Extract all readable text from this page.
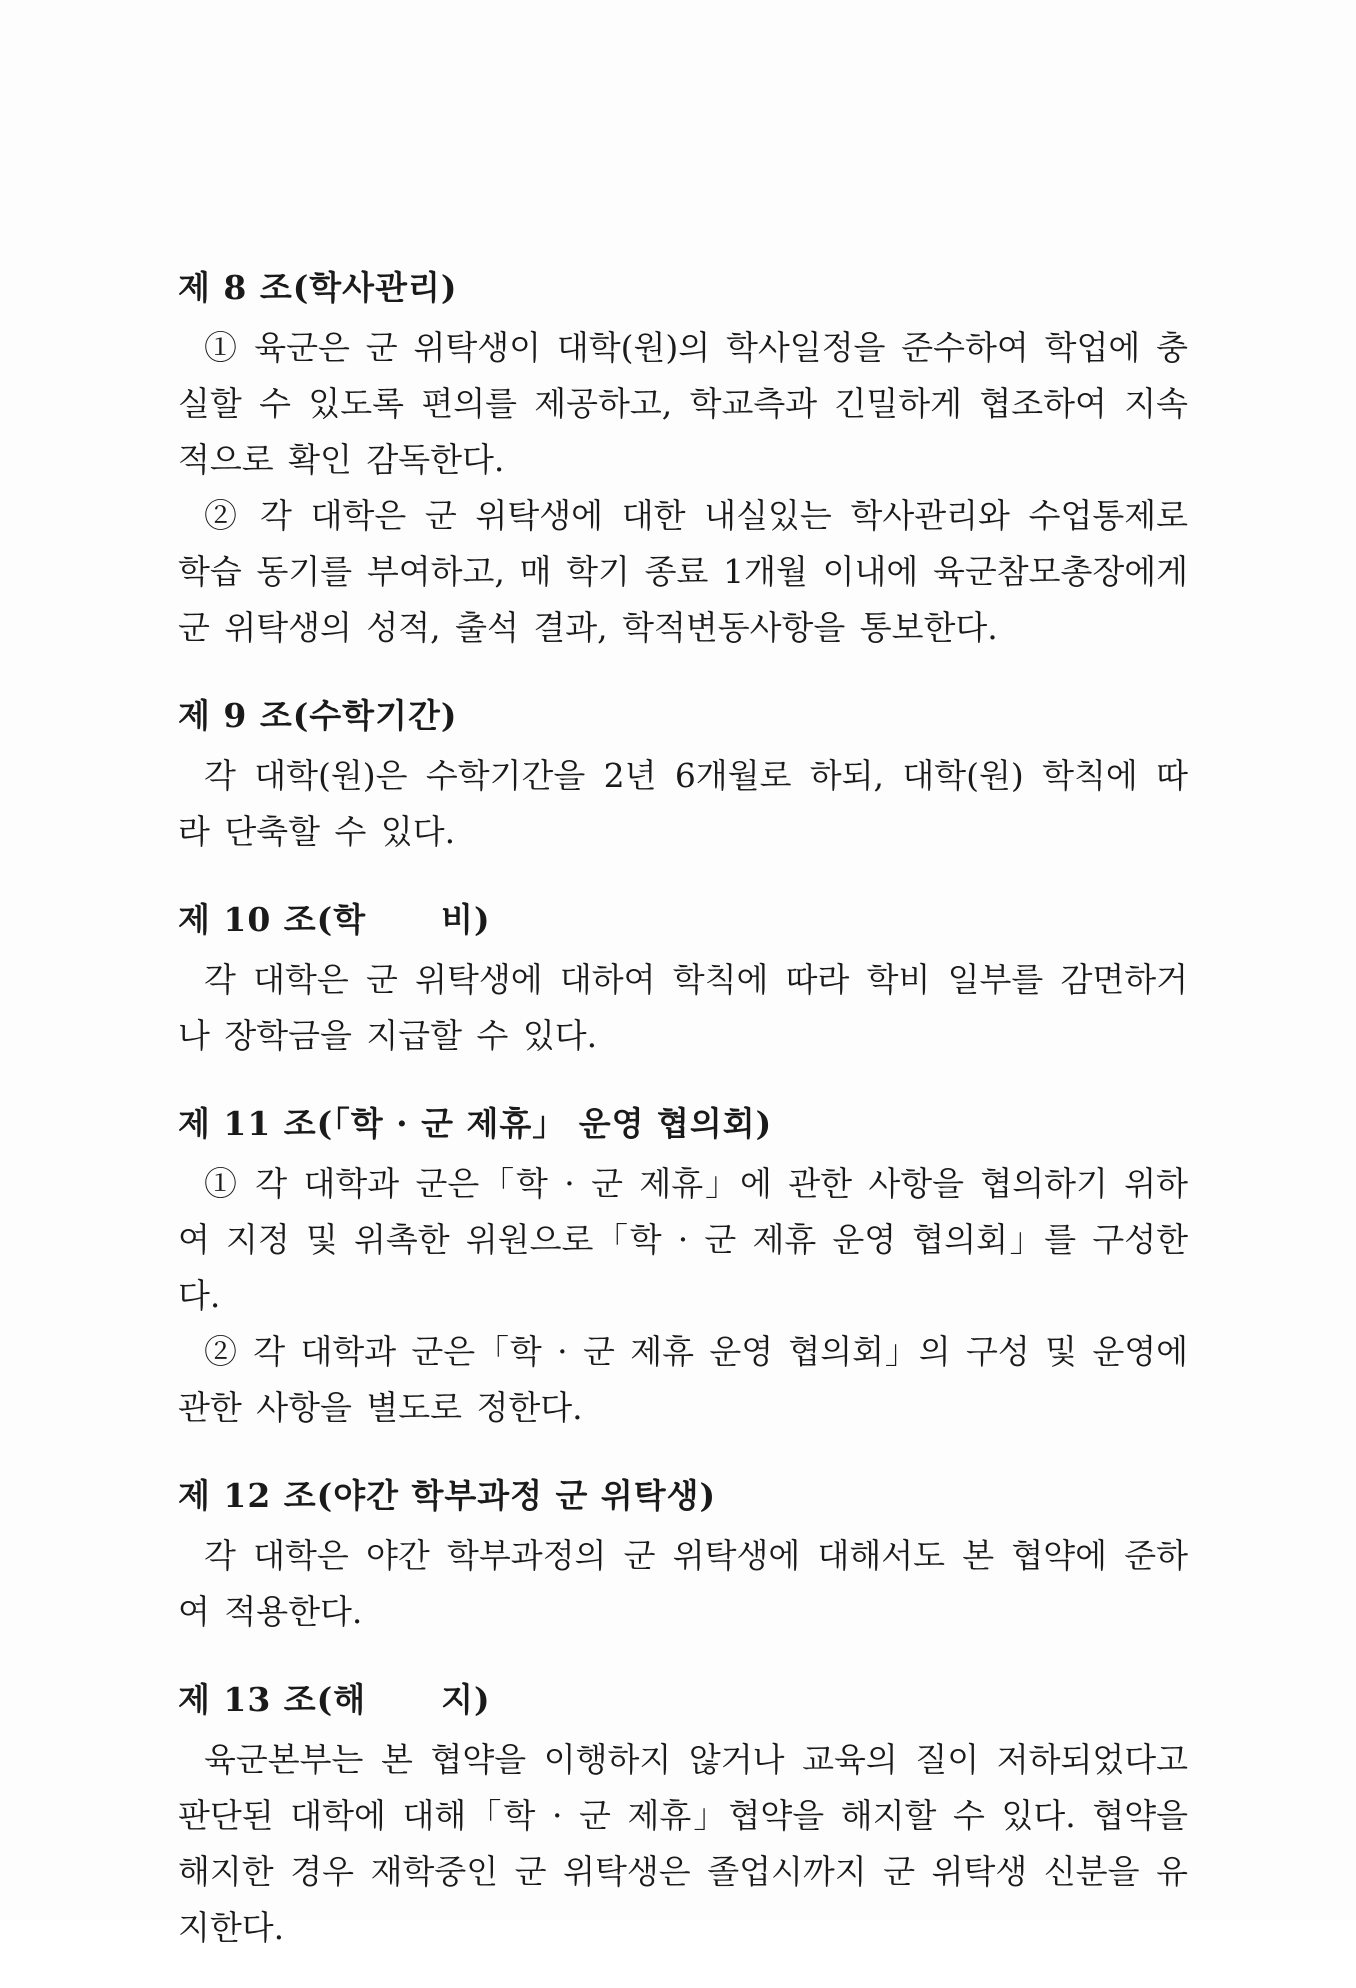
제 8 조(학사관리)

① 육군은 군 위탁생이 대학(원)의 학사일정을 준수하여 학업에 충실할 수 있도록 편의를 제공하고, 학교측과 긴밀하게 협조하여 지속적으로 확인 감독한다.

② 각 대학은 군 위탁생에 대한 내실있는 학사관리와 수업통제로 학습 동기를 부여하고, 매 학기 종료 1개월 이내에 육군참모총장에게 군 위탁생의 성적, 출석 결과, 학적변동사항을 통보한다.

제 9 조(수학기간)

각 대학(원)은 수학기간을 2년 6개월로 하되, 대학(원) 학칙에 따라 단축할 수 있다.

제 10 조(학      비)

각 대학은 군 위탁생에 대하여 학칙에 따라 학비 일부를 감면하거나 장학금을 지급할 수 있다.

제 11 조(「학 · 군 제휴」 운영 협의회)

① 각 대학과 군은「학 · 군 제휴」에 관한 사항을 협의하기 위하여 지정 및 위촉한 위원으로「학 · 군 제휴 운영 협의회」를 구성한다.

② 각 대학과 군은「학 · 군 제휴 운영 협의회」의 구성 및 운영에 관한 사항을 별도로 정한다.

제 12 조(야간 학부과정 군 위탁생)

각 대학은 야간 학부과정의 군 위탁생에 대해서도 본 협약에 준하여 적용한다.

제 13 조(해      지)

육군본부는 본 협약을 이행하지 않거나 교육의 질이 저하되었다고 판단된 대학에 대해「학 · 군 제휴」협약을 해지할 수 있다. 협약을 해지한 경우 재학중인 군 위탁생은 졸업시까지 군 위탁생 신분을 유지한다.
